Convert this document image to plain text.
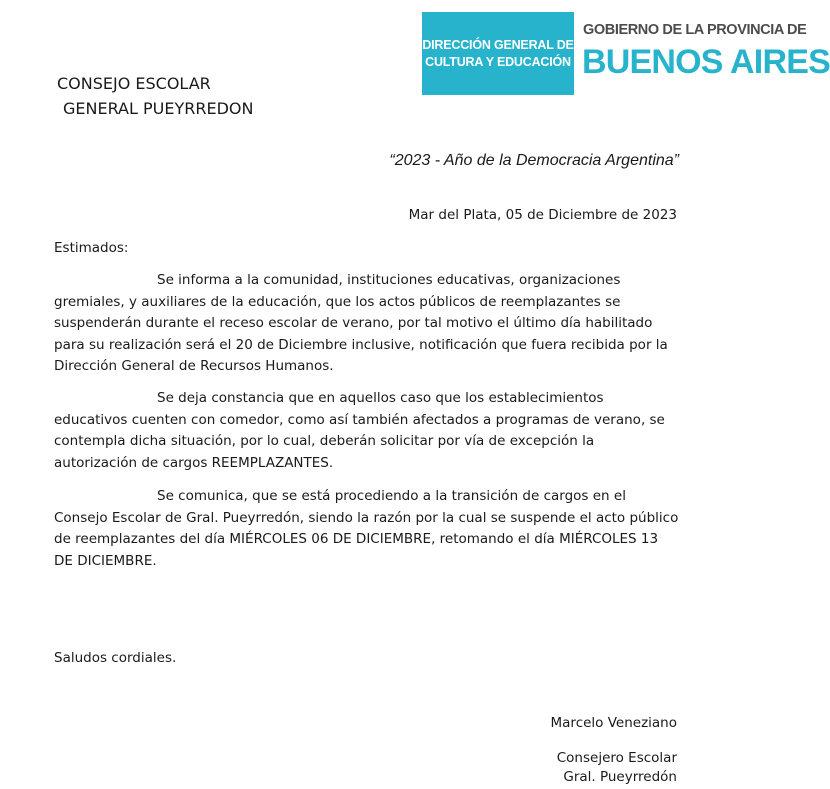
DIRECCIÓN GENERAL DE
CULTURA Y EDUCACIÓN
GOBIERNO DE LA PROVINCIA DE
BUENOS AIRES
CONSEJO ESCOLAR
GENERAL PUEYRREDON
“2023 - Año de la Democracia Argentina”
Mar del Plata, 05 de Diciembre de 2023
Estimados:
Se informa a la comunidad, instituciones educativas, organizaciones gremiales, y auxiliares de la educación, que los actos públicos de reemplazantes se suspenderán durante el receso escolar de verano, por tal motivo el último día habilitado para su realización será el 20 de Diciembre inclusive, notificación que fuera recibida por la Dirección General de Recursos Humanos.
Se deja constancia que en aquellos caso que los establecimientos educativos cuenten con comedor, como así también afectados a programas de verano, se contempla dicha situación, por lo cual, deberán solicitar por vía de excepción la autorización de cargos REEMPLAZANTES.
Se comunica, que se está procediendo a la transición de cargos en el Consejo Escolar de Gral. Pueyrredón, siendo la razón por la cual se suspende el acto público de reemplazantes del día MIÉRCOLES 06 DE DICIEMBRE, retomando el día MIÉRCOLES 13 DE DICIEMBRE.
Saludos cordiales.
Marcelo Veneziano
Consejero Escolar
Gral. Pueyrredón
